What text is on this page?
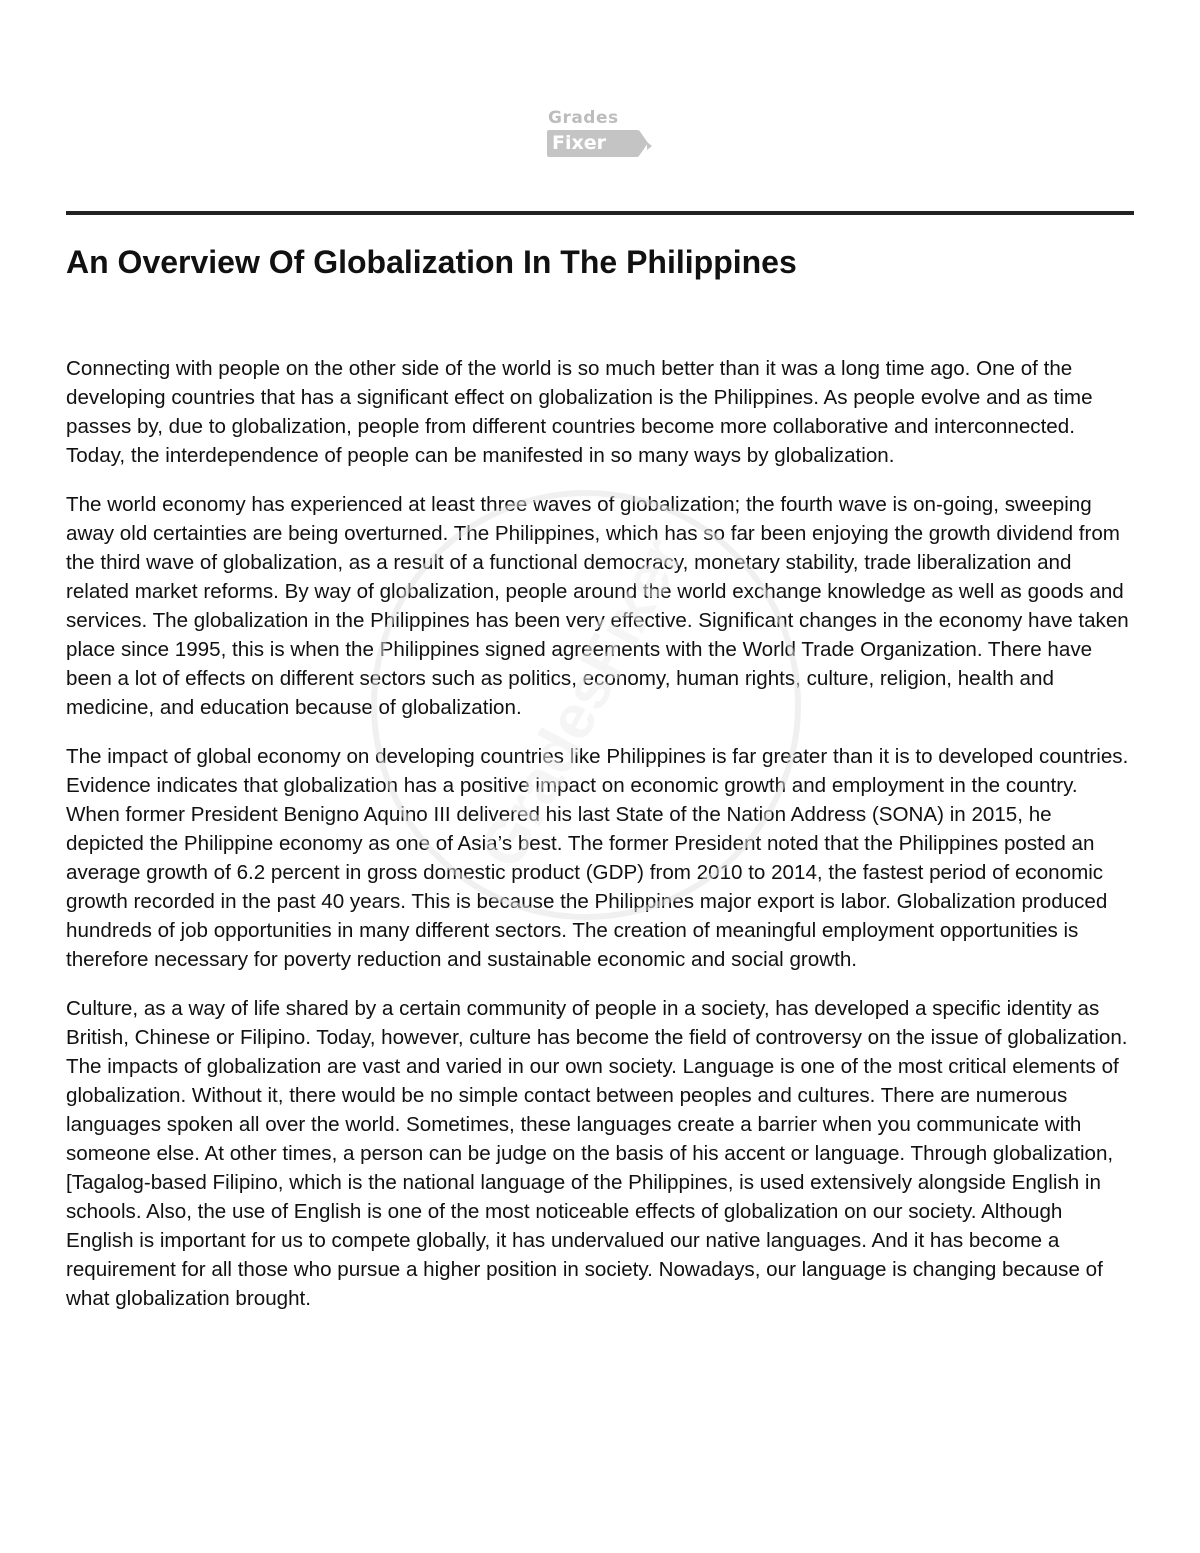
Grades
Fixer
An Overview Of Globalization In The Philippines

Connecting with people on the other side of the world is so much better than it was a long time ago. One of the developing countries that has a significant effect on globalization is the Philippines. As people evolve and as time passes by, due to globalization, people from different countries become more collaborative and interconnected. Today, the interdependence of people can be manifested in so many ways by globalization.

The world economy has experienced at least three waves of globalization; the fourth wave is on-going, sweeping away old certainties are being overturned. The Philippines, which has so far been enjoying the growth dividend from the third wave of globalization, as a result of a functional democracy, monetary stability, trade liberalization and related market reforms. By way of globalization, people around the world exchange knowledge as well as goods and services. The globalization in the Philippines has been very effective. Significant changes in the economy have taken place since 1995, this is when the Philippines signed agreements with the World Trade Organization. There have been a lot of effects on different sectors such as politics, economy, human rights, culture, religion, health and medicine, and education because of globalization.

The impact of global economy on developing countries like Philippines is far greater than it is to developed countries. Evidence indicates that globalization has a positive impact on economic growth and employment in the country. When former President Benigno Aquino III delivered his last State of the Nation Address (SONA) in 2015, he depicted the Philippine economy as one of Asia’s best. The former President noted that the Philippines posted an average growth of 6.2 percent in gross domestic product (GDP) from 2010 to 2014, the fastest period of economic growth recorded in the past 40 years. This is because the Philippines major export is labor. Globalization produced hundreds of job opportunities in many different sectors. The creation of meaningful employment opportunities is therefore necessary for poverty reduction and sustainable economic and social growth.

Culture, as a way of life shared by a certain community of people in a society, has developed a specific identity as British, Chinese or Filipino. Today, however, culture has become the field of controversy on the issue of globalization. The impacts of globalization are vast and varied in our own society. Language is one of the most critical elements of globalization. Without it, there would be no simple contact between peoples and cultures. There are numerous languages spoken all over the world. Sometimes, these languages create a barrier when you communicate with someone else. At other times, a person can be judge on the basis of his accent or language. Through globalization, [Tagalog-based Filipino, which is the national language of the Philippines, is used extensively alongside English in schools. Also, the use of English is one of the most noticeable effects of globalization on our society. Although English is important for us to compete globally, it has undervalued our native languages. And it has become a requirement for all those who pursue a higher position in society. Nowadays, our language is changing because of what globalization brought.

GradesFixer
